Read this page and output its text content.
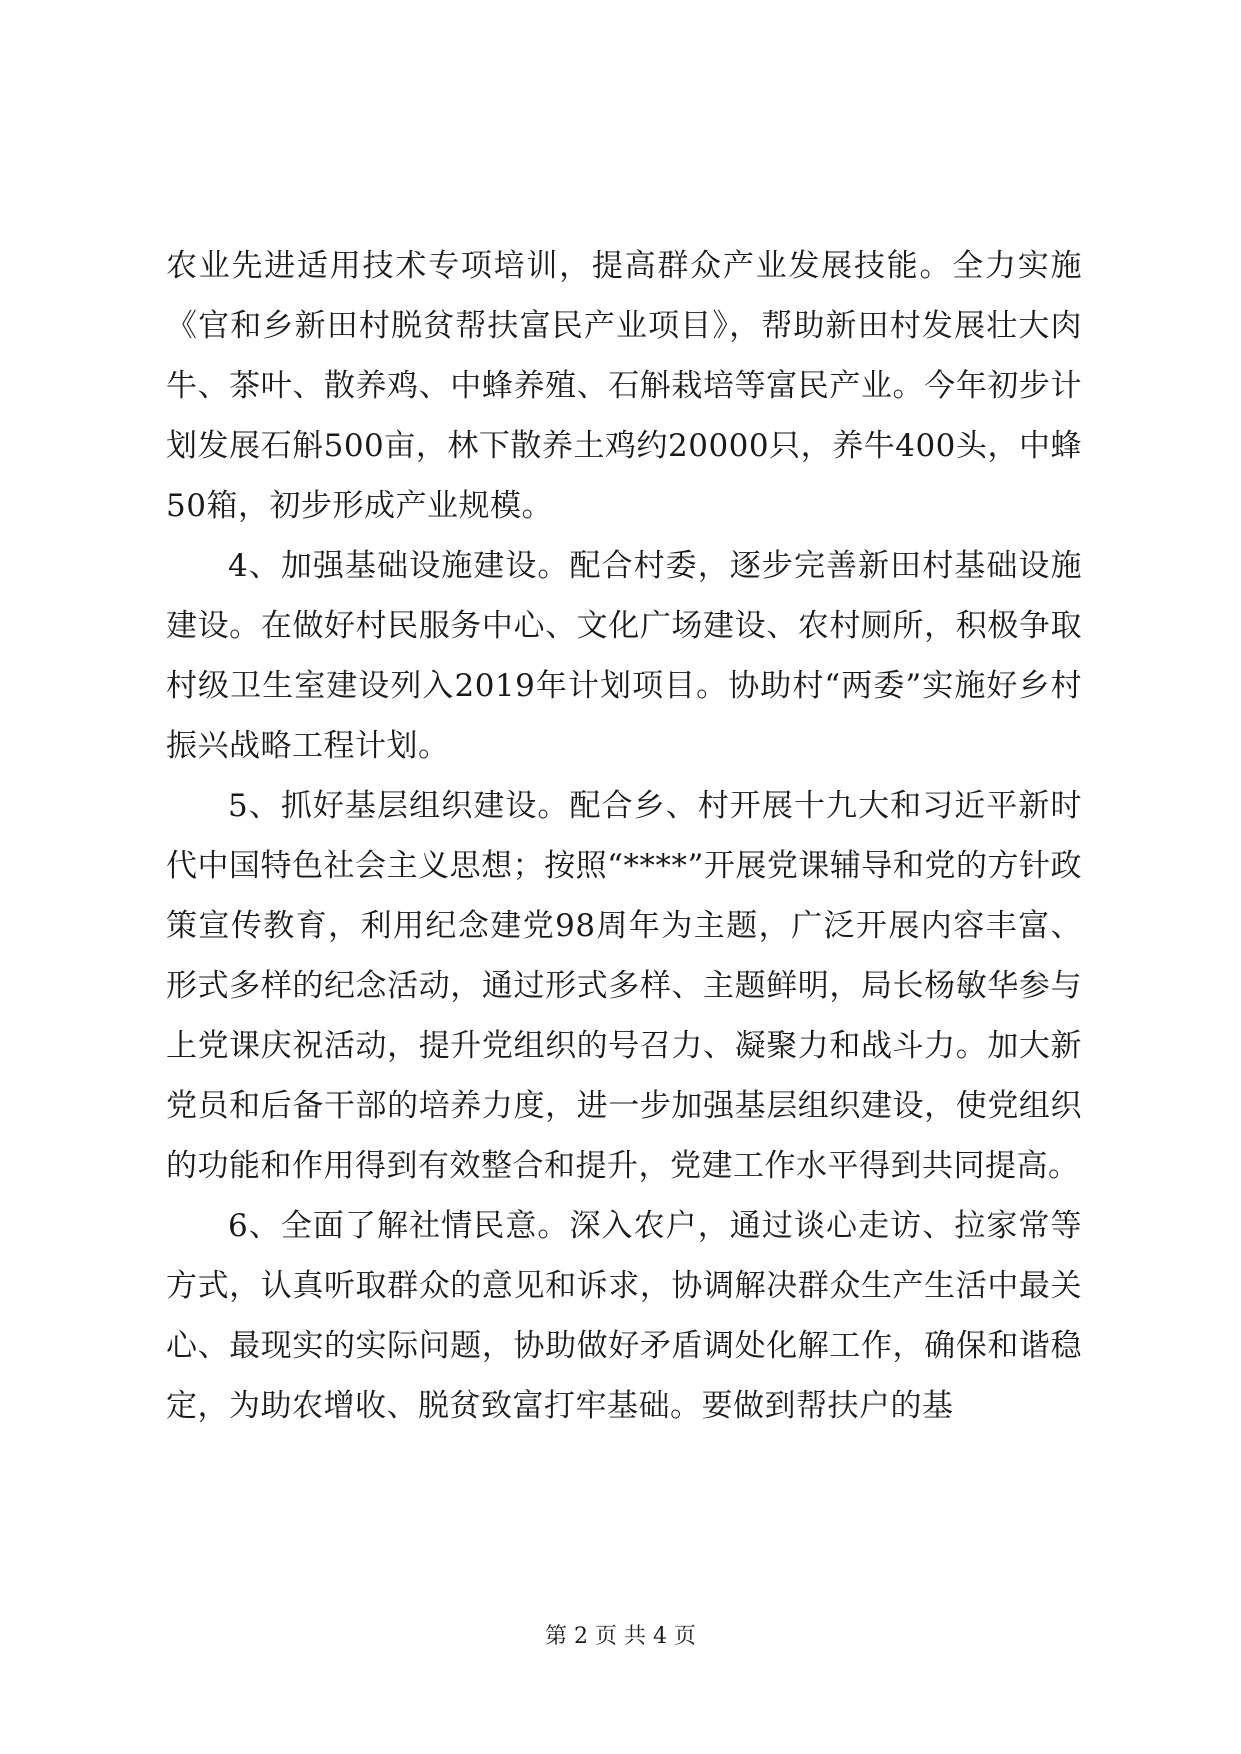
农业先进适用技术专项培训，提高群众产业发展技能。全力实施《官和乡新田村脱贫帮扶富民产业项目》，帮助新田村发展壮大肉牛、茶叶、散养鸡、中蜂养殖、石斛栽培等富民产业。今年初步计划发展石斛500亩，林下散养土鸡约20000只，养牛400头，中蜂50箱，初步形成产业规模。

4、加强基础设施建设。配合村委，逐步完善新田村基础设施建设。在做好村民服务中心、文化广场建设、农村厕所，积极争取村级卫生室建设列入2019年计划项目。协助村“两委”实施好乡村振兴战略工程计划。

5、抓好基层组织建设。配合乡、村开展十九大和习近平新时代中国特色社会主义思想；按照“****”开展党课辅导和党的方针政策宣传教育，利用纪念建党98周年为主题，广泛开展内容丰富、形式多样的纪念活动，通过形式多样、主题鲜明，局长杨敏华参与上党课庆祝活动，提升党组织的号召力、凝聚力和战斗力。加大新党员和后备干部的培养力度，进一步加强基层组织建设，使党组织的功能和作用得到有效整合和提升，党建工作水平得到共同提高。

6、全面了解社情民意。深入农户，通过谈心走访、拉家常等方式，认真听取群众的意见和诉求，协调解决群众生产生活中最关心、最现实的实际问题，协助做好矛盾调处化解工作，确保和谐稳定，为助农增收、脱贫致富打牢基础。要做到帮扶户的基

第 2 页 共 4 页
